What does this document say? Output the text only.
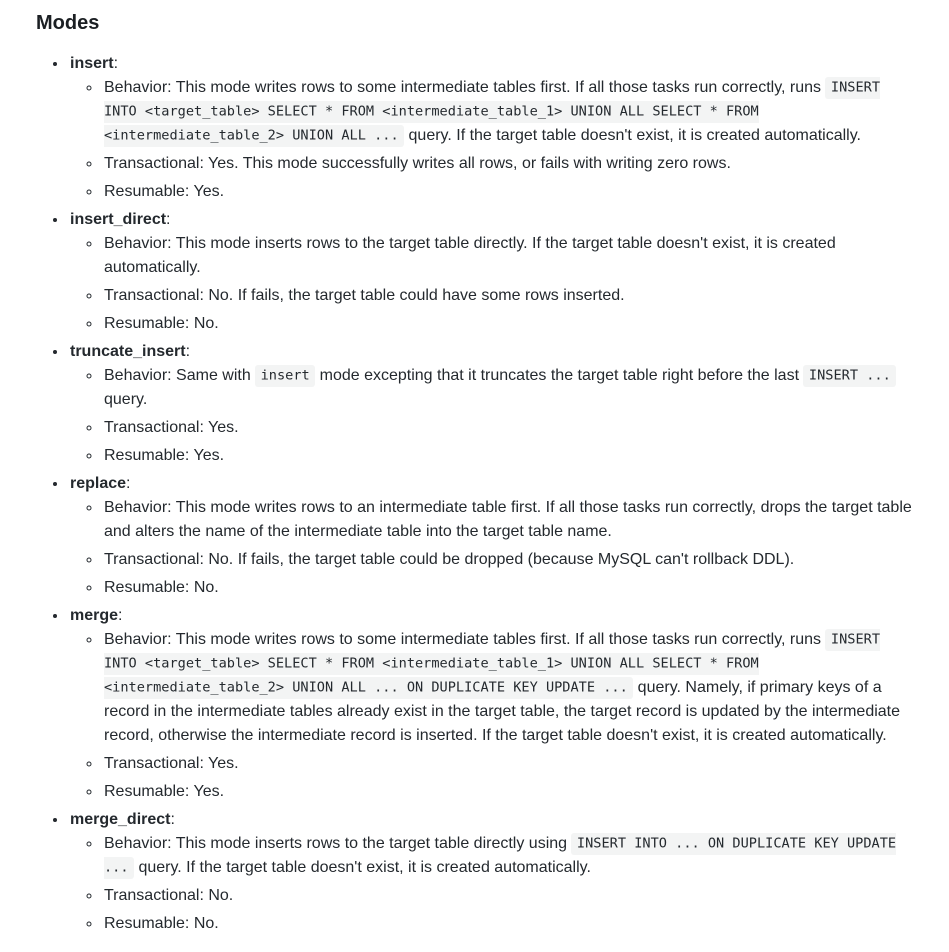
Modes
• insert:
◦ Behavior: This mode writes rows to some intermediate tables first. If all those tasks run correctly, runs INSERT INTO <target_table> SELECT * FROM <intermediate_table_1> UNION ALL SELECT * FROM <intermediate_table_2> UNION ALL ... query. If the target table doesn't exist, it is created automatically.
◦ Transactional: Yes. This mode successfully writes all rows, or fails with writing zero rows.
◦ Resumable: Yes.
• insert_direct:
◦ Behavior: This mode inserts rows to the target table directly. If the target table doesn't exist, it is created automatically.
◦ Transactional: No. If fails, the target table could have some rows inserted.
◦ Resumable: No.
• truncate_insert:
◦ Behavior: Same with insert mode excepting that it truncates the target table right before the last INSERT ... query.
◦ Transactional: Yes.
◦ Resumable: Yes.
• replace:
◦ Behavior: This mode writes rows to an intermediate table first. If all those tasks run correctly, drops the target table and alters the name of the intermediate table into the target table name.
◦ Transactional: No. If fails, the target table could be dropped (because MySQL can't rollback DDL).
◦ Resumable: No.
• merge:
◦ Behavior: This mode writes rows to some intermediate tables first. If all those tasks run correctly, runs INSERT INTO <target_table> SELECT * FROM <intermediate_table_1> UNION ALL SELECT * FROM <intermediate_table_2> UNION ALL ... ON DUPLICATE KEY UPDATE ... query. Namely, if primary keys of a record in the intermediate tables already exist in the target table, the target record is updated by the intermediate record, otherwise the intermediate record is inserted. If the target table doesn't exist, it is created automatically.
◦ Transactional: Yes.
◦ Resumable: Yes.
• merge_direct:
◦ Behavior: This mode inserts rows to the target table directly using INSERT INTO ... ON DUPLICATE KEY UPDATE ... query. If the target table doesn't exist, it is created automatically.
◦ Transactional: No.
◦ Resumable: No.
